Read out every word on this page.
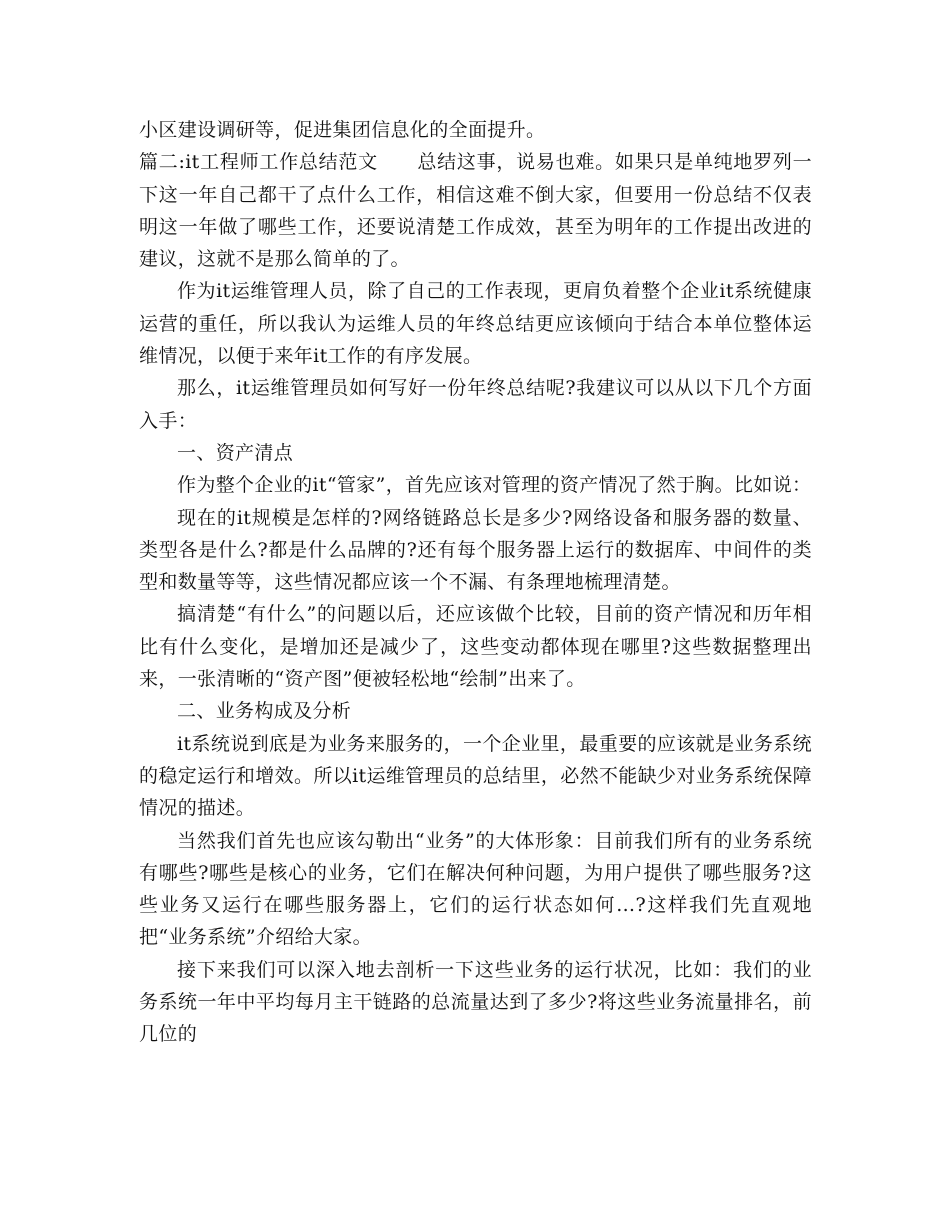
小区建设调研等，促进集团信息化的全面提升。

篇二:it工程师工作总结范文　　总结这事，说易也难。如果只是单纯地罗列一下这一年自己都干了点什么工作，相信这难不倒大家，但要用一份总结不仅表明这一年做了哪些工作，还要说清楚工作成效，甚至为明年的工作提出改进的建议，这就不是那么简单的了。

作为it运维管理人员，除了自己的工作表现，更肩负着整个企业it系统健康运营的重任，所以我认为运维人员的年终总结更应该倾向于结合本单位整体运维情况，以便于来年it工作的有序发展。

那么，it运维管理员如何写好一份年终总结呢?我建议可以从以下几个方面入手：

一、资产清点

作为整个企业的it“管家”，首先应该对管理的资产情况了然于胸。比如说：

现在的it规模是怎样的?网络链路总长是多少?网络设备和服务器的数量、类型各是什么?都是什么品牌的?还有每个服务器上运行的数据库、中间件的类型和数量等等，这些情况都应该一个不漏、有条理地梳理清楚。

搞清楚“有什么”的问题以后，还应该做个比较，目前的资产情况和历年相比有什么变化，是增加还是减少了，这些变动都体现在哪里?这些数据整理出来，一张清晰的“资产图”便被轻松地“绘制”出来了。

二、业务构成及分析

it系统说到底是为业务来服务的，一个企业里，最重要的应该就是业务系统的稳定运行和增效。所以it运维管理员的总结里，必然不能缺少对业务系统保障情况的描述。

当然我们首先也应该勾勒出“业务”的大体形象：目前我们所有的业务系统有哪些?哪些是核心的业务，它们在解决何种问题，为用户提供了哪些服务?这些业务又运行在哪些服务器上，它们的运行状态如何…?这样我们先直观地把“业务系统”介绍给大家。

接下来我们可以深入地去剖析一下这些业务的运行状况，比如：我们的业务系统一年中平均每月主干链路的总流量达到了多少?将这些业务流量排名，前几位的
